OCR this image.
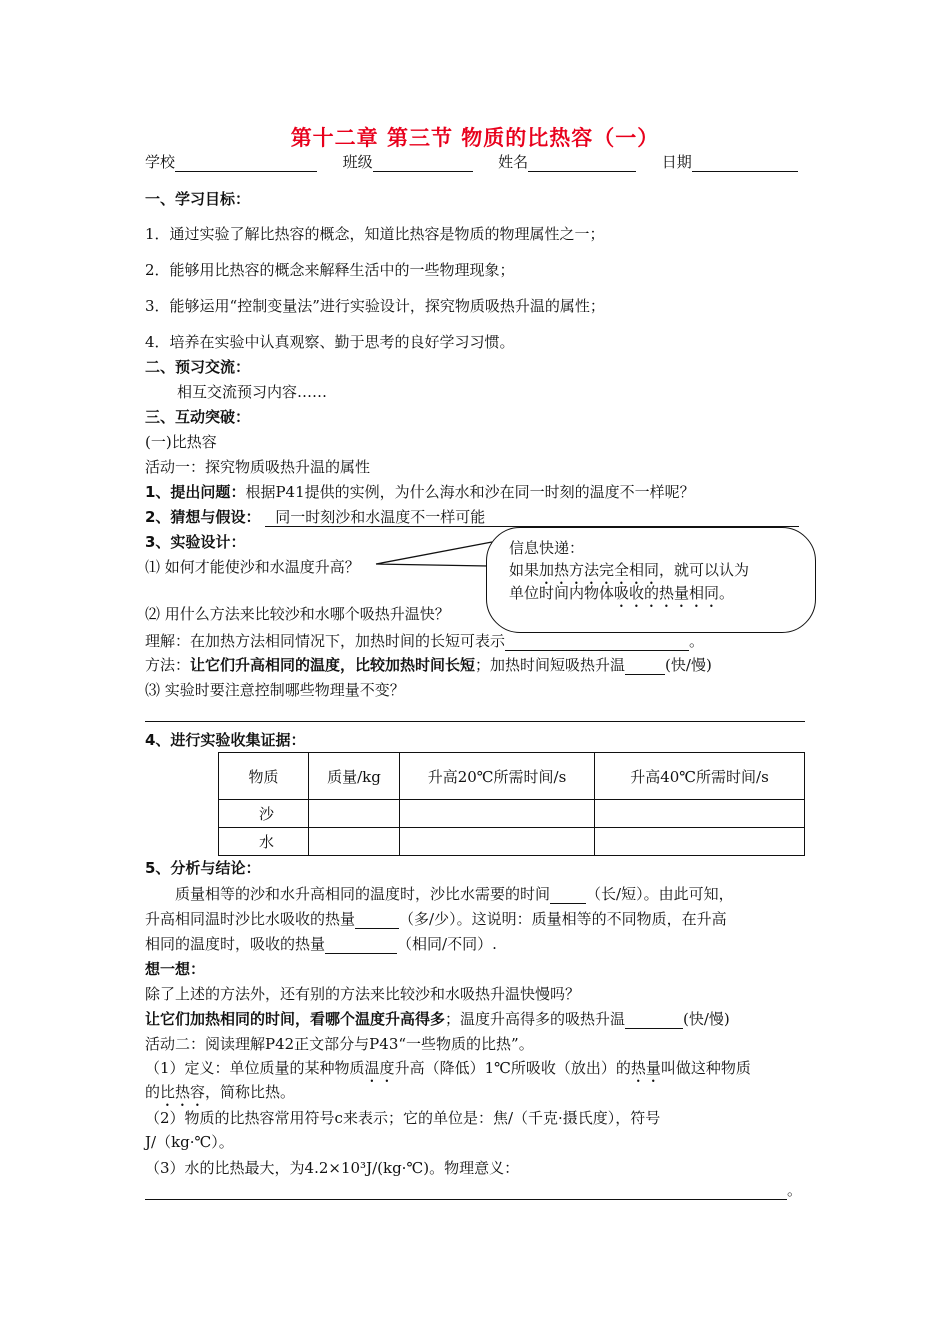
第十二章 第三节 物质的比热容（一）
学校	班级	姓名	日期
一、学习目标：
1．通过实验了解比热容的概念，知道比热容是物质的物理属性之一；
2．能够用比热容的概念来解释生活中的一些物理现象；
3．能够运用“控制变量法”进行实验设计，探究物质吸热升温的属性；
4．培养在实验中认真观察、勤于思考的良好学习习惯。
二、预习交流：
相互交流预习内容……
三、互动突破：
(一)比热容
活动一：探究物质吸热升温的属性
1、提出问题：根据P41提供的实例，为什么海水和沙在同一时刻的温度不一样呢？
2、猜想与假设： 同一时刻沙和水温度不一样可能
3、实验设计：
⑴ 如何才能使沙和水温度升高？
信息快递：
如果加热方法完全相同，就可以认为
单位时间内物体吸收的热量相同。
⑵ 用什么方法来比较沙和水哪个吸热升温快？
理解：在加热方法相同情况下，加热时间的长短可表示	。
方法：让它们升高相同的温度，比较加热时间长短；加热时间短吸热升温	(快/慢)
⑶ 实验时要注意控制哪些物理量不变？
4、进行实验收集证据：
物质	质量/kg	升高20℃所需时间/s	升高40℃所需时间/s
沙			
水			
5、分析与结论：
质量相等的沙和水升高相同的温度时，沙比水需要的时间 （长/短）。由此可知，
升高相同温时沙比水吸收的热量	（多/少）。这说明：质量相等的不同物质，在升高
相同的温度时，吸收的热量	（相同/不同）.
想一想：
除了上述的方法外，还有别的方法来比较沙和水吸热升温快慢吗？
让它们加热相同的时间，看哪个温度升高得多；温度升高得多的吸热升温	(快/慢)
活动二：阅读理解P42正文部分与P43“一些物质的比热”。
（1）定义：单位质量的某种物质温度升高（降低）1℃所吸收（放出）的热量叫做这种物质
的比热容，简称比热。
（2）物质的比热容常用符号c来表示；它的单位是：焦/（千克·摄氏度），符号
J/（kg·℃）。
（3）水的比热最大，为4.2×10³J/(kg·℃)。物理意义：
。
